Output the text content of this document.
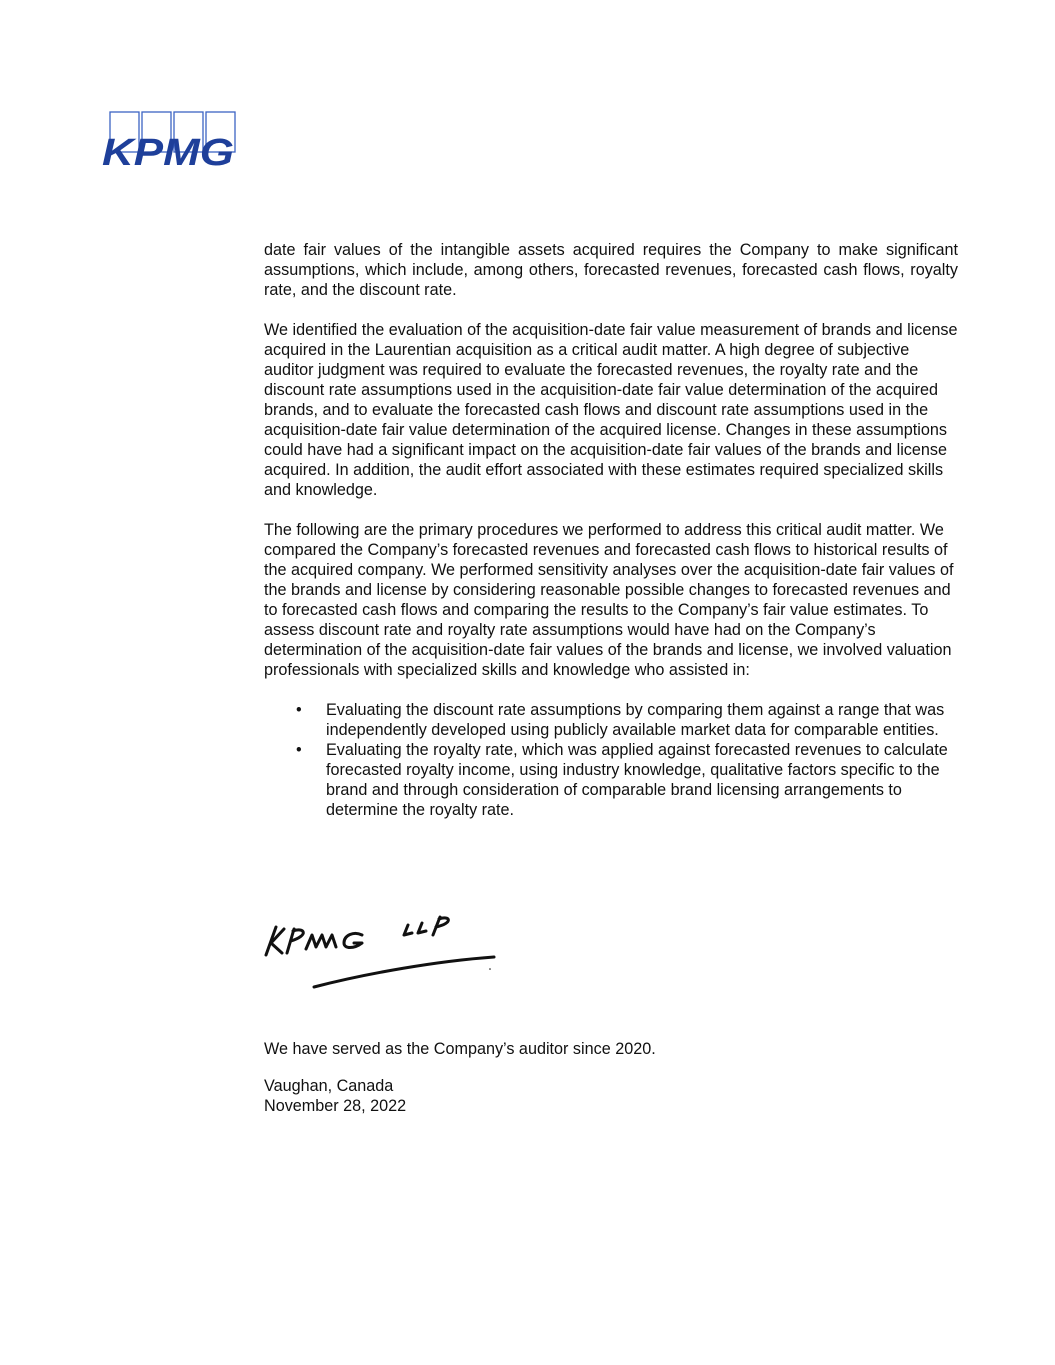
KPMG

date fair values of the intangible assets acquired requires the Company to make significant assumptions, which include, among others, forecasted revenues, forecasted cash flows, royalty rate, and the discount rate.

We identified the evaluation of the acquisition-date fair value measurement of brands and license acquired in the Laurentian acquisition as a critical audit matter. A high degree of subjective auditor judgment was required to evaluate the forecasted revenues, the royalty rate and the discount rate assumptions used in the acquisition-date fair value determination of the acquired brands, and to evaluate the forecasted cash flows and discount rate assumptions used in the acquisition-date fair value determination of the acquired license. Changes in these assumptions could have had a significant impact on the acquisition-date fair values of the brands and license acquired. In addition, the audit effort associated with these estimates required specialized skills and knowledge.

The following are the primary procedures we performed to address this critical audit matter. We compared the Company’s forecasted revenues and forecasted cash flows to historical results of the acquired company. We performed sensitivity analyses over the acquisition-date fair values of the brands and license by considering reasonable possible changes to forecasted revenues and to forecasted cash flows and comparing the results to the Company’s fair value estimates. To assess discount rate and royalty rate assumptions would have had on the Company’s determination of the acquisition-date fair values of the brands and license, we involved valuation professionals with specialized skills and knowledge who assisted in:

• Evaluating the discount rate assumptions by comparing them against a range that was independently developed using publicly available market data for comparable entities.
• Evaluating the royalty rate, which was applied against forecasted revenues to calculate forecasted royalty income, using industry knowledge, qualitative factors specific to the brand and through consideration of comparable brand licensing arrangements to determine the royalty rate.

We have served as the Company’s auditor since 2020.

Vaughan, Canada

November 28, 2022
